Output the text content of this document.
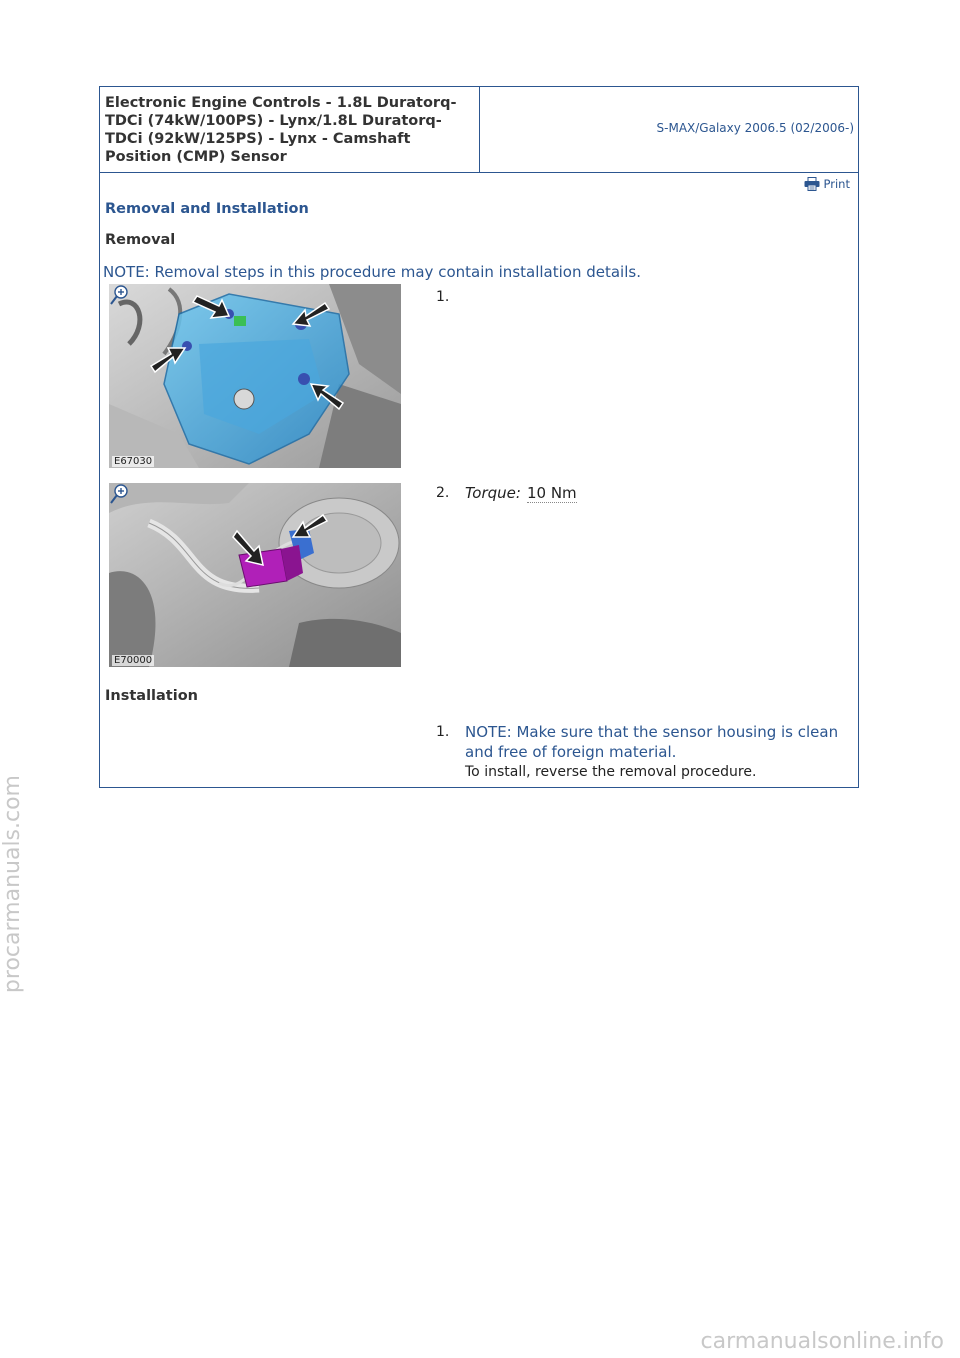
Electronic Engine Controls - 1.8L Duratorq-TDCi (74kW/100PS) - Lynx/1.8L Duratorq-TDCi (92kW/125PS) - Lynx - Camshaft Position (CMP) Sensor
S-MAX/Galaxy 2006.5 (02/2006-)
Print
Removal and Installation
Removal
NOTE: Removal steps in this procedure may contain installation details.
E67030
1.
E70000
2. Torque: 10 Nm
Installation
1. NOTE: Make sure that the sensor housing is clean and free of foreign material.
To install, reverse the removal procedure.
procarmanuals.com
carmanualsonline.info
